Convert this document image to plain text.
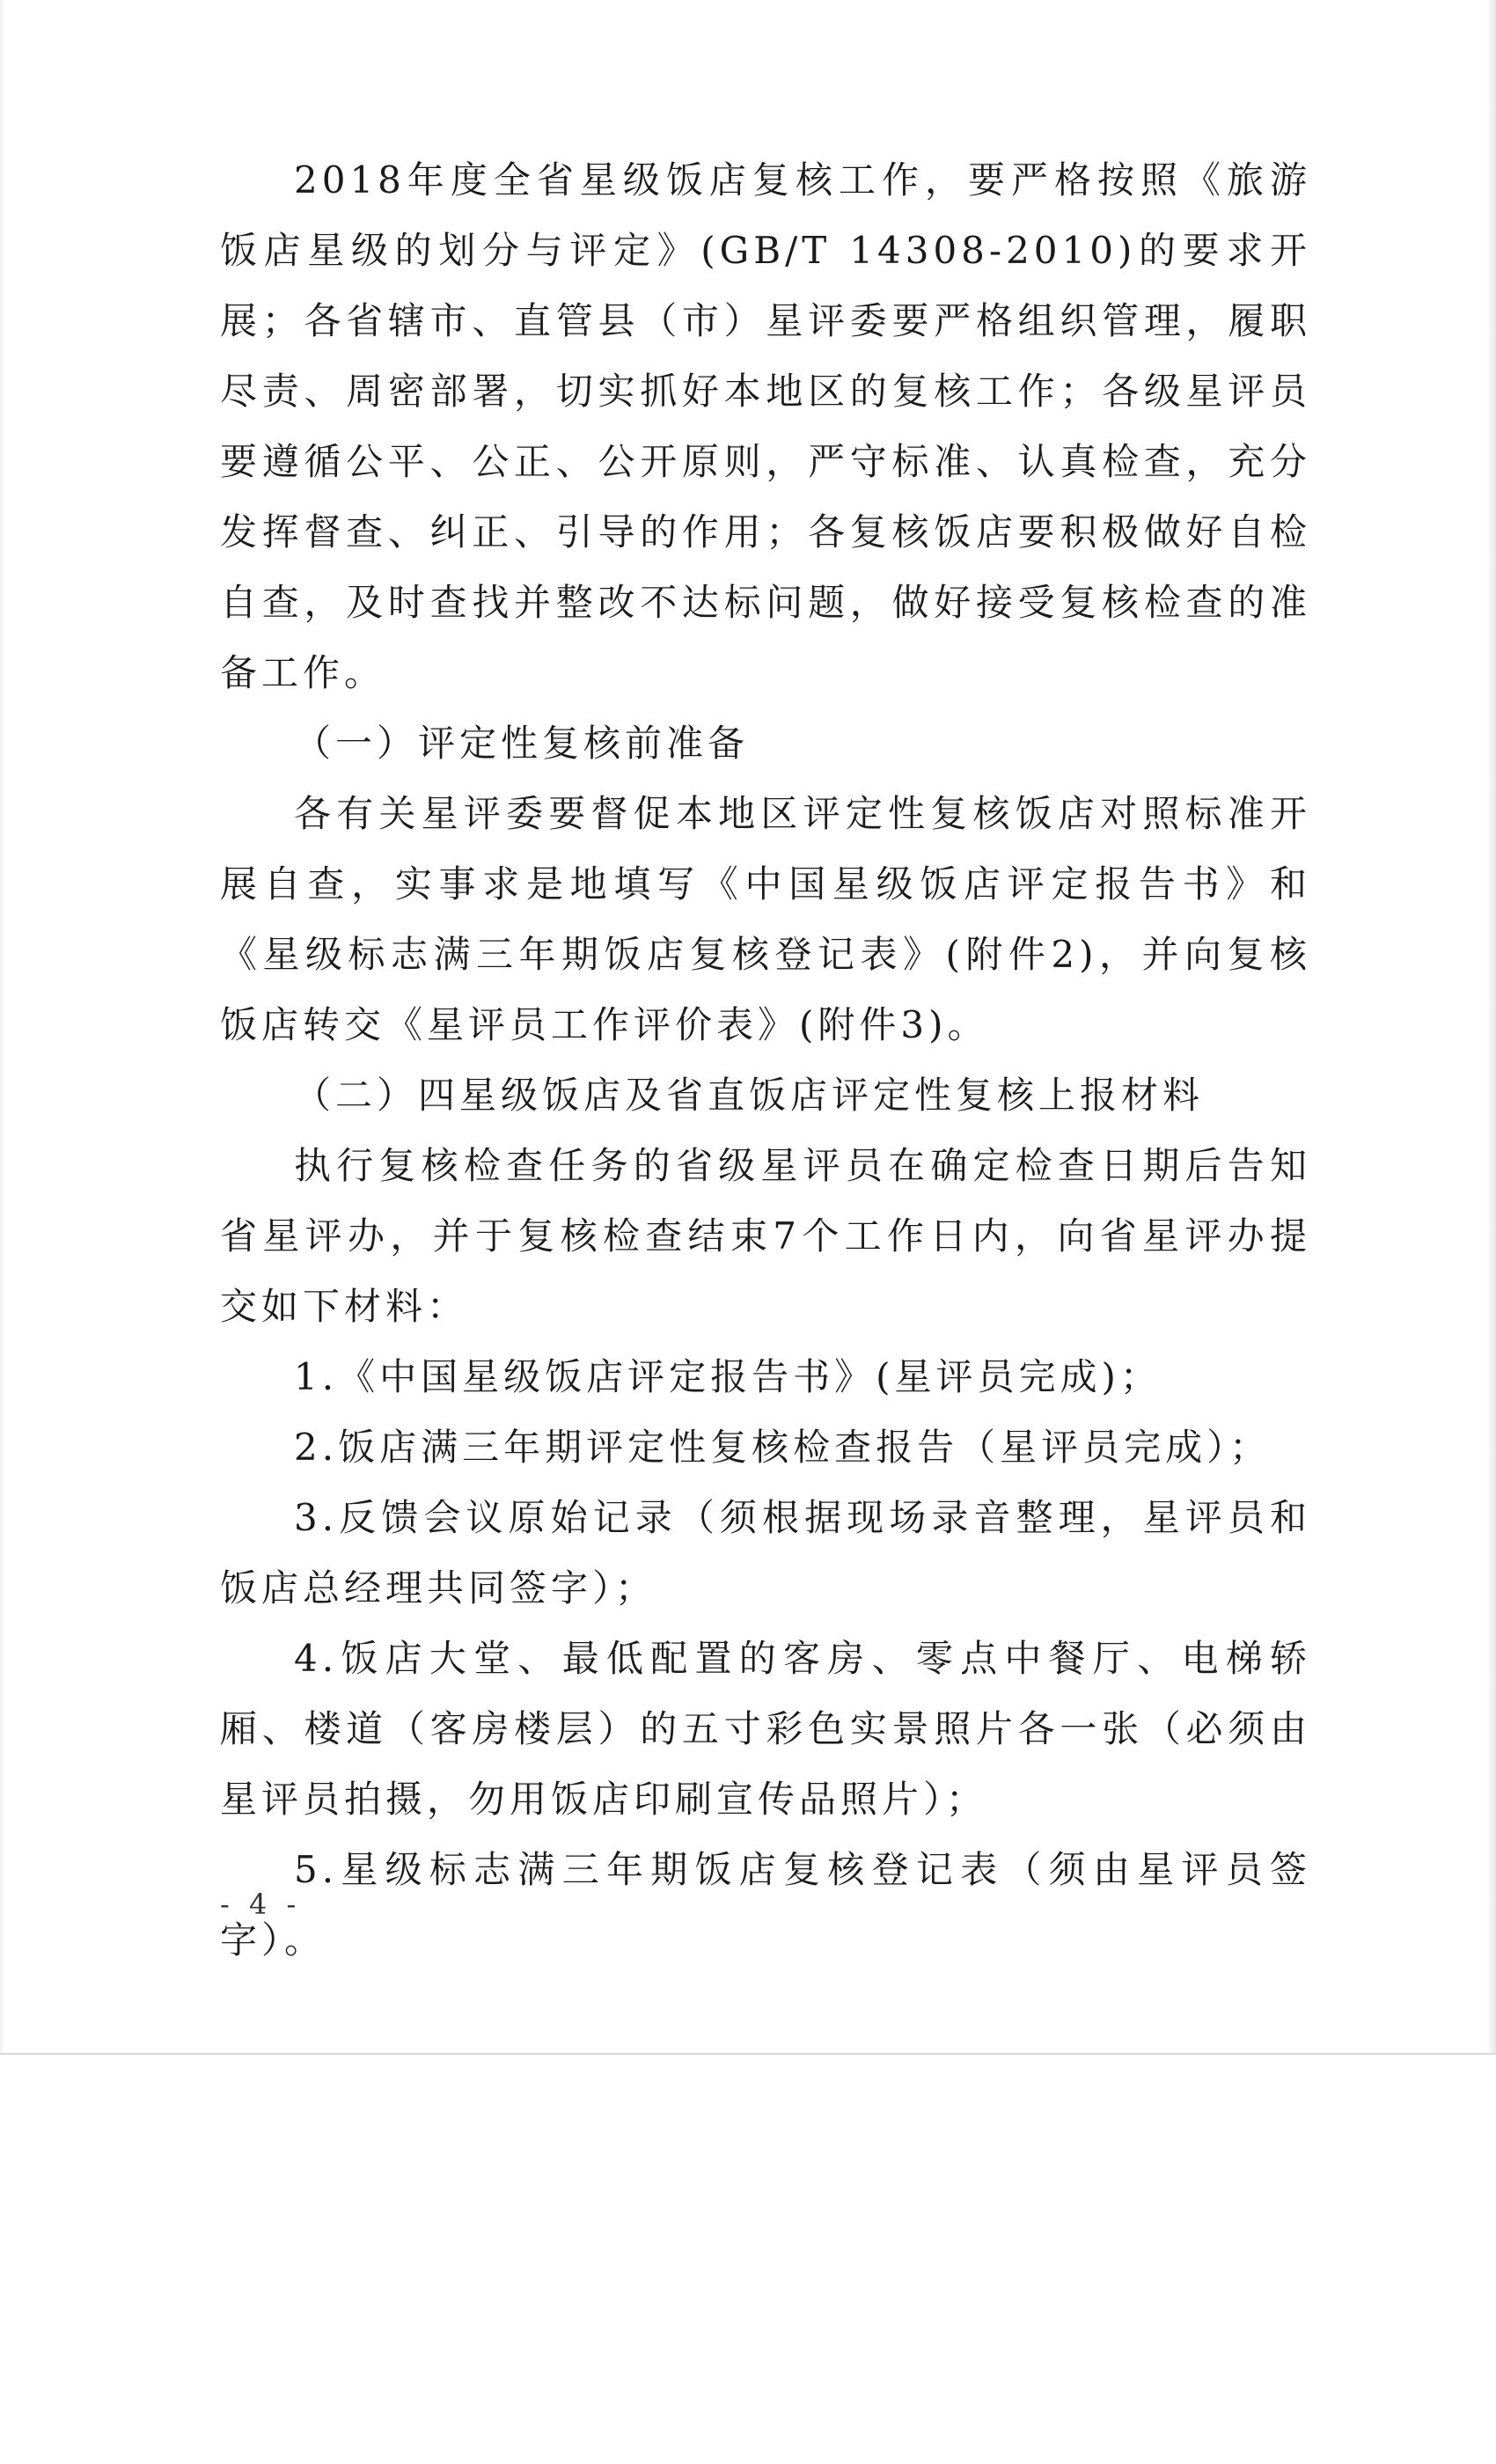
2018年度全省星级饭店复核工作，要严格按照《旅游饭店星级的划分与评定》(GB/T 14308-2010)的要求开展；各省辖市、直管县（市）星评委要严格组织管理，履职尽责、周密部署，切实抓好本地区的复核工作；各级星评员要遵循公平、公正、公开原则，严守标准、认真检查，充分发挥督查、纠正、引导的作用；各复核饭店要积极做好自检自查，及时查找并整改不达标问题，做好接受复核检查的准备工作。

（一）评定性复核前准备

各有关星评委要督促本地区评定性复核饭店对照标准开展自查，实事求是地填写《中国星级饭店评定报告书》和《星级标志满三年期饭店复核登记表》(附件2)，并向复核饭店转交《星评员工作评价表》(附件3)。

（二）四星级饭店及省直饭店评定性复核上报材料

执行复核检查任务的省级星评员在确定检查日期后告知省星评办，并于复核检查结束7个工作日内，向省星评办提交如下材料：

1.《中国星级饭店评定报告书》(星评员完成)；

2.饭店满三年期评定性复核检查报告（星评员完成）；

3.反馈会议原始记录（须根据现场录音整理，星评员和饭店总经理共同签字）；

4.饭店大堂、最低配置的客房、零点中餐厅、电梯轿厢、楼道（客房楼层）的五寸彩色实景照片各一张（必须由星评员拍摄，勿用饭店印刷宣传品照片）；

5.星级标志满三年期饭店复核登记表（须由星评员签字）。

- 4 -
